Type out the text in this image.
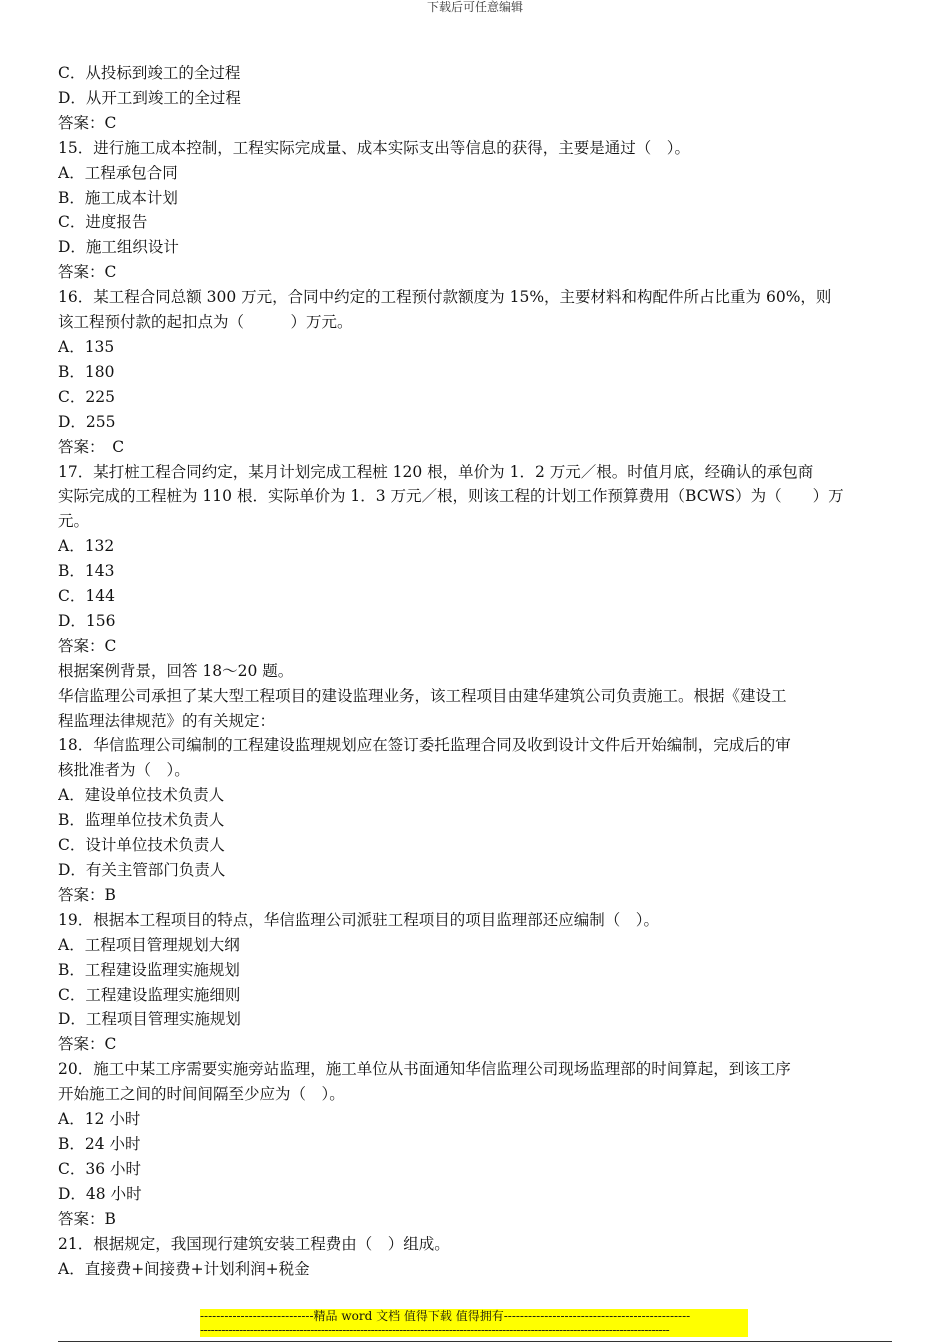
下载后可任意编辑
C．从投标到竣工的全过程
D．从开工到竣工的全过程
答案：C
15．进行施工成本控制，工程实际完成量、成本实际支出等信息的获得，主要是通过（　）。
A．工程承包合同
B．施工成本计划
C．进度报告
D．施工组织设计
答案：C
16．某工程合同总额 300 万元，合同中约定的工程预付款额度为 15%，主要材料和构配件所占比重为 60%，则
该工程预付款的起扣点为（　　　）万元。
A．135
B．180
C．225
D．255
答案：　C
17．某打桩工程合同约定，某月计划完成工程桩 120 根，单价为 1．2 万元／根。时值月底，经确认的承包商
实际完成的工程桩为 110 根．实际单价为 1．3 万元／根，则该工程的计划工作预算费用（BCWS）为（　　）万
元。
A．132
B．143
C．144
D．156
答案：C
根据案例背景，回答 18～20 题。
华信监理公司承担了某大型工程项目的建设监理业务，该工程项目由建华建筑公司负责施工。根据《建设工
程监理法律规范》的有关规定：
18．华信监理公司编制的工程建设监理规划应在签订委托监理合同及收到设计文件后开始编制，完成后的审
核批准者为（　）。
A．建设单位技术负责人
B．监理单位技术负责人
C．设计单位技术负责人
D．有关主管部门负责人
答案：B
19．根据本工程项目的特点，华信监理公司派驻工程项目的项目监理部还应编制（　）。
A．工程项目管理规划大纲
B．工程建设监理实施规划
C．工程建设监理实施细则
D．工程项目管理实施规划
答案：C
20．施工中某工序需要实施旁站监理，施工单位从书面通知华信监理公司现场监理部的时间算起，到该工序
开始施工之间的时间间隔至少应为（　）。
A．12 小时
B．24 小时
C．36 小时
D．48 小时
答案：B
21．根据规定，我国现行建筑安装工程费由（　）组成。
A．直接费+间接费+计划利润+税金
----------------------------精品 word 文档 值得下载 值得拥有----------------------------------------------
------------------------------------------------------------------------------------------------------------------------------------
